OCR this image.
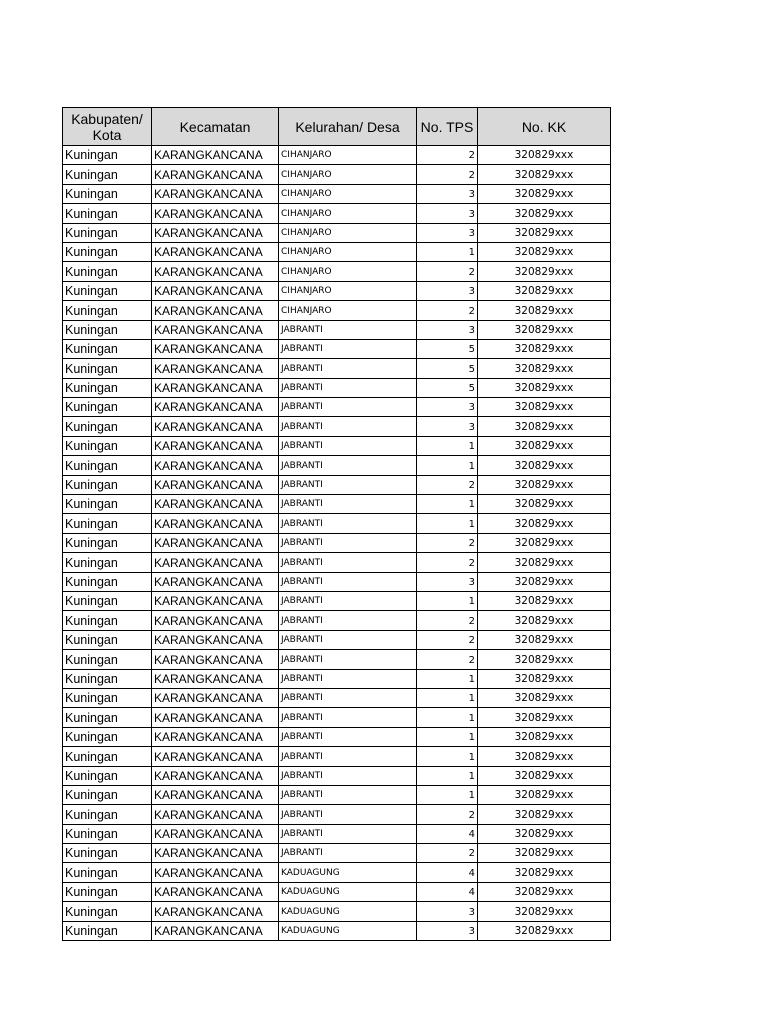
Kabupaten/ Kota	Kecamatan	Kelurahan/ Desa	No. TPS	No. KK
Kuningan	KARANGKANCANA	CIHANJARO	2	320829xxx
Kuningan	KARANGKANCANA	CIHANJARO	2	320829xxx
Kuningan	KARANGKANCANA	CIHANJARO	3	320829xxx
Kuningan	KARANGKANCANA	CIHANJARO	3	320829xxx
Kuningan	KARANGKANCANA	CIHANJARO	3	320829xxx
Kuningan	KARANGKANCANA	CIHANJARO	1	320829xxx
Kuningan	KARANGKANCANA	CIHANJARO	2	320829xxx
Kuningan	KARANGKANCANA	CIHANJARO	3	320829xxx
Kuningan	KARANGKANCANA	CIHANJARO	2	320829xxx
Kuningan	KARANGKANCANA	JABRANTI	3	320829xxx
Kuningan	KARANGKANCANA	JABRANTI	5	320829xxx
Kuningan	KARANGKANCANA	JABRANTI	5	320829xxx
Kuningan	KARANGKANCANA	JABRANTI	5	320829xxx
Kuningan	KARANGKANCANA	JABRANTI	3	320829xxx
Kuningan	KARANGKANCANA	JABRANTI	3	320829xxx
Kuningan	KARANGKANCANA	JABRANTI	1	320829xxx
Kuningan	KARANGKANCANA	JABRANTI	1	320829xxx
Kuningan	KARANGKANCANA	JABRANTI	2	320829xxx
Kuningan	KARANGKANCANA	JABRANTI	1	320829xxx
Kuningan	KARANGKANCANA	JABRANTI	1	320829xxx
Kuningan	KARANGKANCANA	JABRANTI	2	320829xxx
Kuningan	KARANGKANCANA	JABRANTI	2	320829xxx
Kuningan	KARANGKANCANA	JABRANTI	3	320829xxx
Kuningan	KARANGKANCANA	JABRANTI	1	320829xxx
Kuningan	KARANGKANCANA	JABRANTI	2	320829xxx
Kuningan	KARANGKANCANA	JABRANTI	2	320829xxx
Kuningan	KARANGKANCANA	JABRANTI	2	320829xxx
Kuningan	KARANGKANCANA	JABRANTI	1	320829xxx
Kuningan	KARANGKANCANA	JABRANTI	1	320829xxx
Kuningan	KARANGKANCANA	JABRANTI	1	320829xxx
Kuningan	KARANGKANCANA	JABRANTI	1	320829xxx
Kuningan	KARANGKANCANA	JABRANTI	1	320829xxx
Kuningan	KARANGKANCANA	JABRANTI	1	320829xxx
Kuningan	KARANGKANCANA	JABRANTI	1	320829xxx
Kuningan	KARANGKANCANA	JABRANTI	2	320829xxx
Kuningan	KARANGKANCANA	JABRANTI	4	320829xxx
Kuningan	KARANGKANCANA	JABRANTI	2	320829xxx
Kuningan	KARANGKANCANA	KADUAGUNG	4	320829xxx
Kuningan	KARANGKANCANA	KADUAGUNG	4	320829xxx
Kuningan	KARANGKANCANA	KADUAGUNG	3	320829xxx
Kuningan	KARANGKANCANA	KADUAGUNG	3	320829xxx
